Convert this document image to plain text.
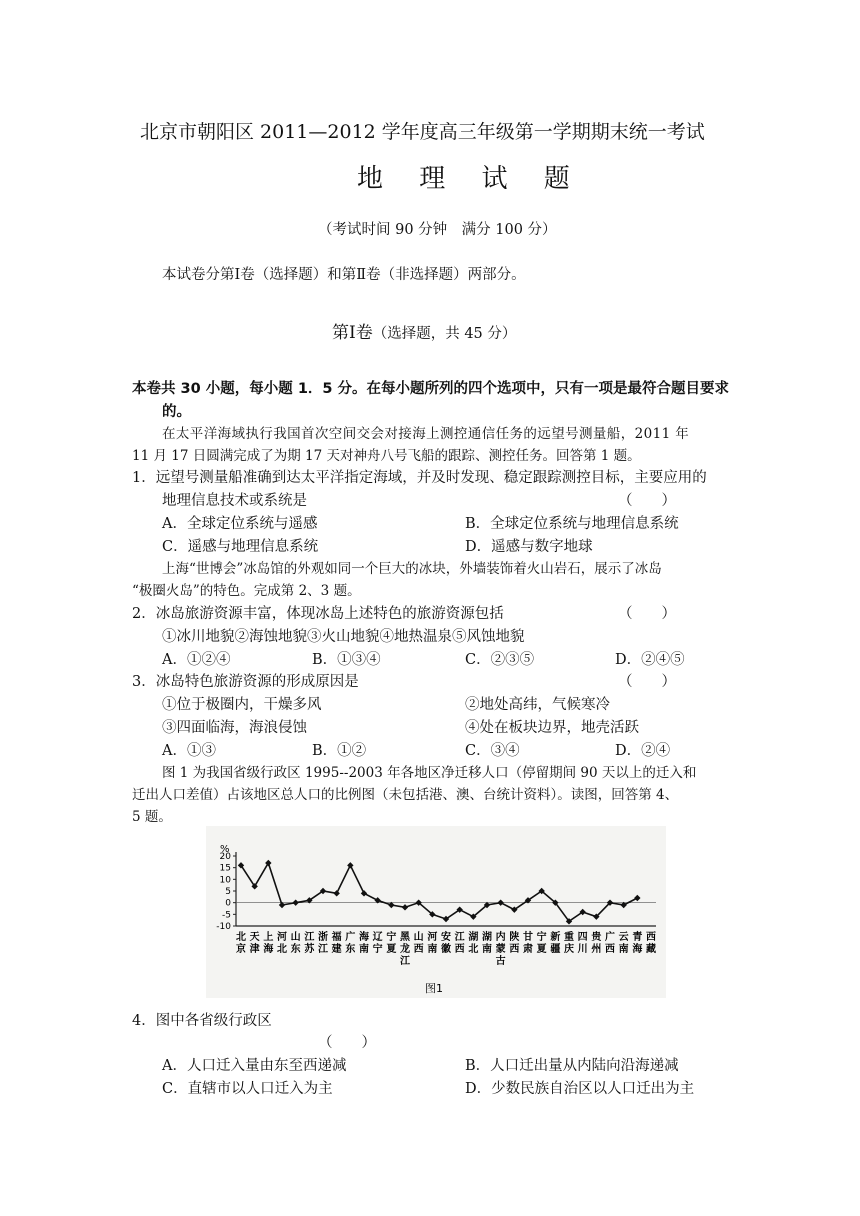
北京市朝阳区 2011—2012 学年度高三年级第一学期期末统一考试
地 理 试 题
（考试时间 90 分钟　满分 100 分）
本试卷分第Ⅰ卷（选择题）和第Ⅱ卷（非选择题）两部分。
第Ⅰ卷（选择题，共 45 分）
本卷共 30 小题，每小题 1．5 分。在每小题所列的四个选项中，只有一项是最符合题目要求
的。
在太平洋海域执行我国首次空间交会对接海上测控通信任务的远望号测量船，2011 年
11 月 17 日圆满完成了为期 17 天对神舟八号飞船的跟踪、测控任务。回答第 1 题。
1．远望号测量船准确到达太平洋指定海域，并及时发现、稳定跟踪测控目标，主要应用的
地理信息技术或系统是	（　　）
A．全球定位系统与遥感	B．全球定位系统与地理信息系统
C．遥感与地理信息系统	D．遥感与数字地球
上海“世博会”冰岛馆的外观如同一个巨大的冰块，外墙装饰着火山岩石，展示了冰岛
“极圈火岛”的特色。完成第 2、3 题。
2．冰岛旅游资源丰富，体现冰岛上述特色的旅游资源包括	（　　）
①冰川地貌②海蚀地貌③火山地貌④地热温泉⑤风蚀地貌
A．①②④	B．①③④	C．②③⑤	D．②④⑤
3．冰岛特色旅游资源的形成原因是	（　　）
①位于极圈内，干燥多风	②地处高纬，气候寒冷
③四面临海，海浪侵蚀	④处在板块边界，地壳活跃
A．①③	B．①②	C．③④	D．②④
图 1 为我国省级行政区 1995--2003 年各地区净迁移人口（停留期间 90 天以上的迁入和
迁出人口差值）占该地区总人口的比例图（未包括港、澳、台统计资料）。读图，回答第 4、
5 题。
%
20
15
10
5
0
-5
-10
北
京
天
津
上
海
河
北
山
东
江
苏
浙
江
福
建
广
东
海
南
辽
宁
宁
夏
黑
龙
江
山
西
河
南
安
徽
江
西
湖
北
湖
南
内
蒙
古
陕
西
甘
肃
宁
夏
新
疆
重
庆
四
川
贵
州
广
西
云
南
青
海
西
藏
图1
4．图中各省级行政区
（　　）
A．人口迁入量由东至西递减	B．人口迁出量从内陆向沿海递减
C．直辖市以人口迁入为主	D．少数民族自治区以人口迁出为主
